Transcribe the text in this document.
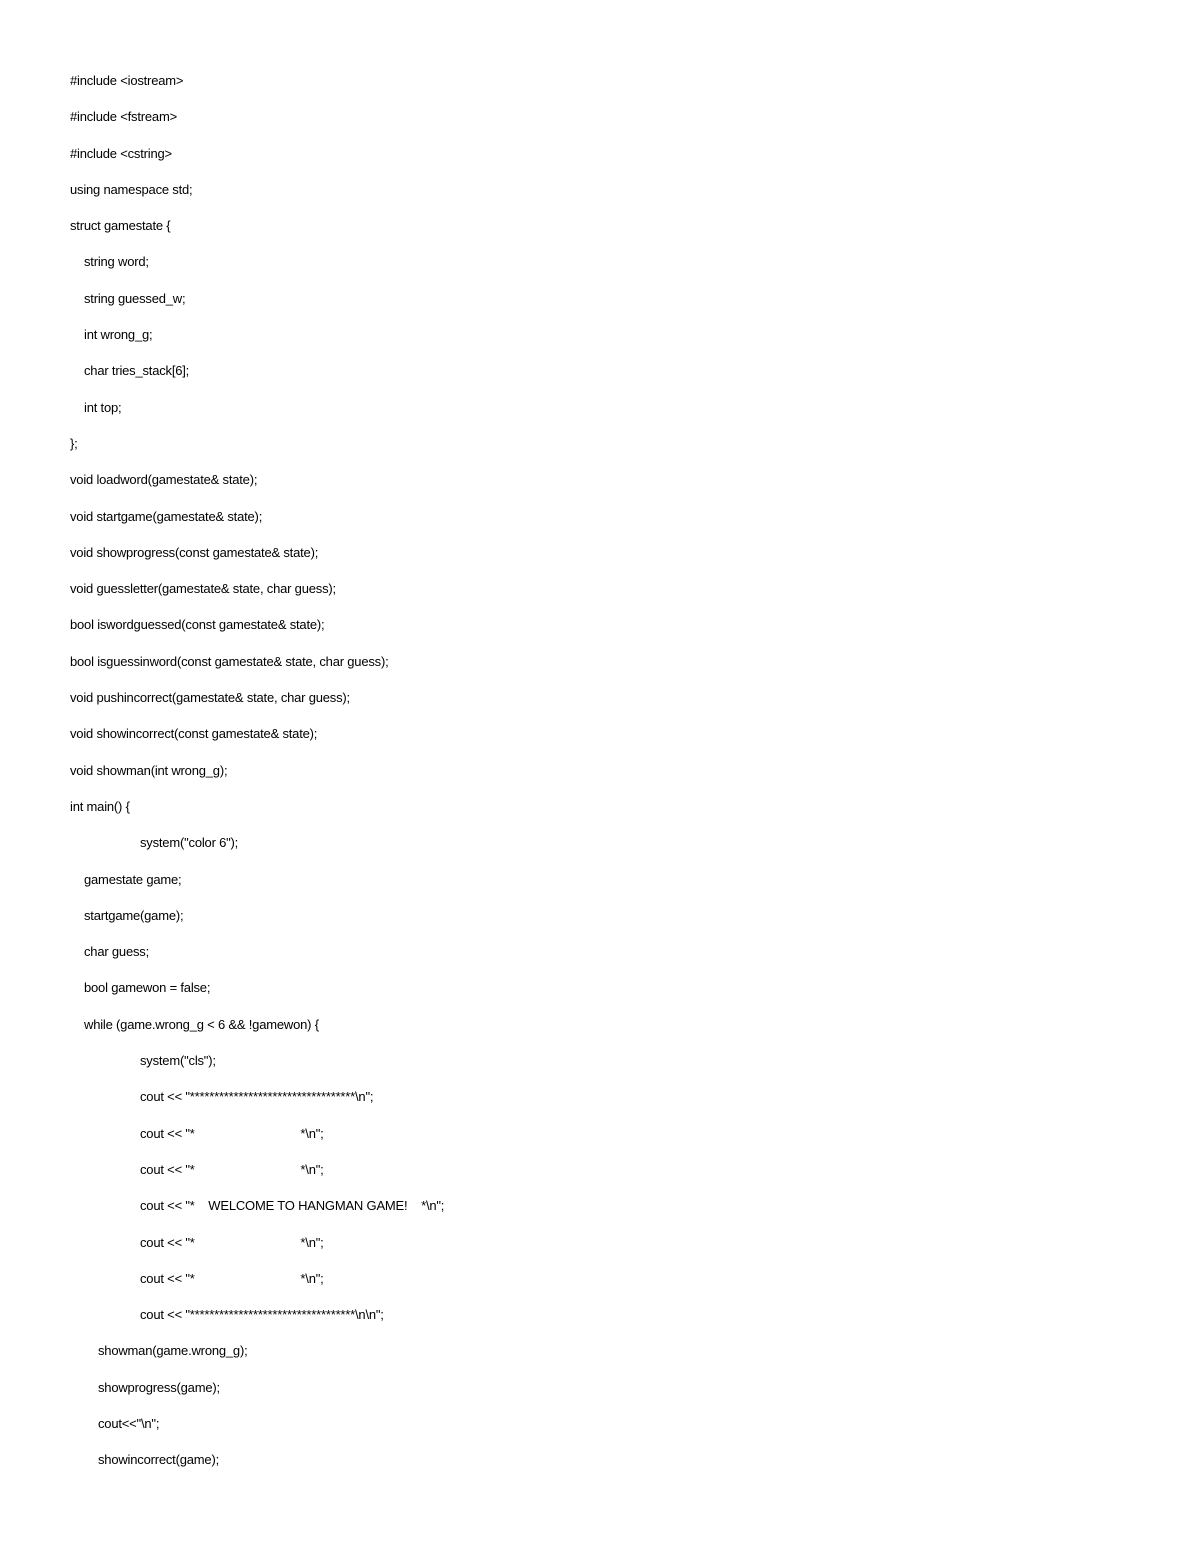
#include <iostream>
#include <fstream>
#include <cstring>
using namespace std;
struct gamestate {
string word;
string guessed_w;
int wrong_g;
char tries_stack[6];
int top;
};
void loadword(gamestate& state);
void startgame(gamestate& state);
void showprogress(const gamestate& state);
void guessletter(gamestate& state, char guess);
bool iswordguessed(const gamestate& state);
bool isguessinword(const gamestate& state, char guess);
void pushincorrect(gamestate& state, char guess);
void showincorrect(const gamestate& state);
void showman(int wrong_g);
int main() {
system("color 6");
gamestate game;
startgame(game);
char guess;
bool gamewon = false;
while (game.wrong_g < 6 && !gamewon) {
system("cls");
cout << "**********************************\n";
cout << "*                               *\n";
cout << "*                               *\n";
cout << "*    WELCOME TO HANGMAN GAME!    *\n";
cout << "*                               *\n";
cout << "*                               *\n";
cout << "**********************************\n\n";
showman(game.wrong_g);
showprogress(game);
cout<<"\n";
showincorrect(game);
